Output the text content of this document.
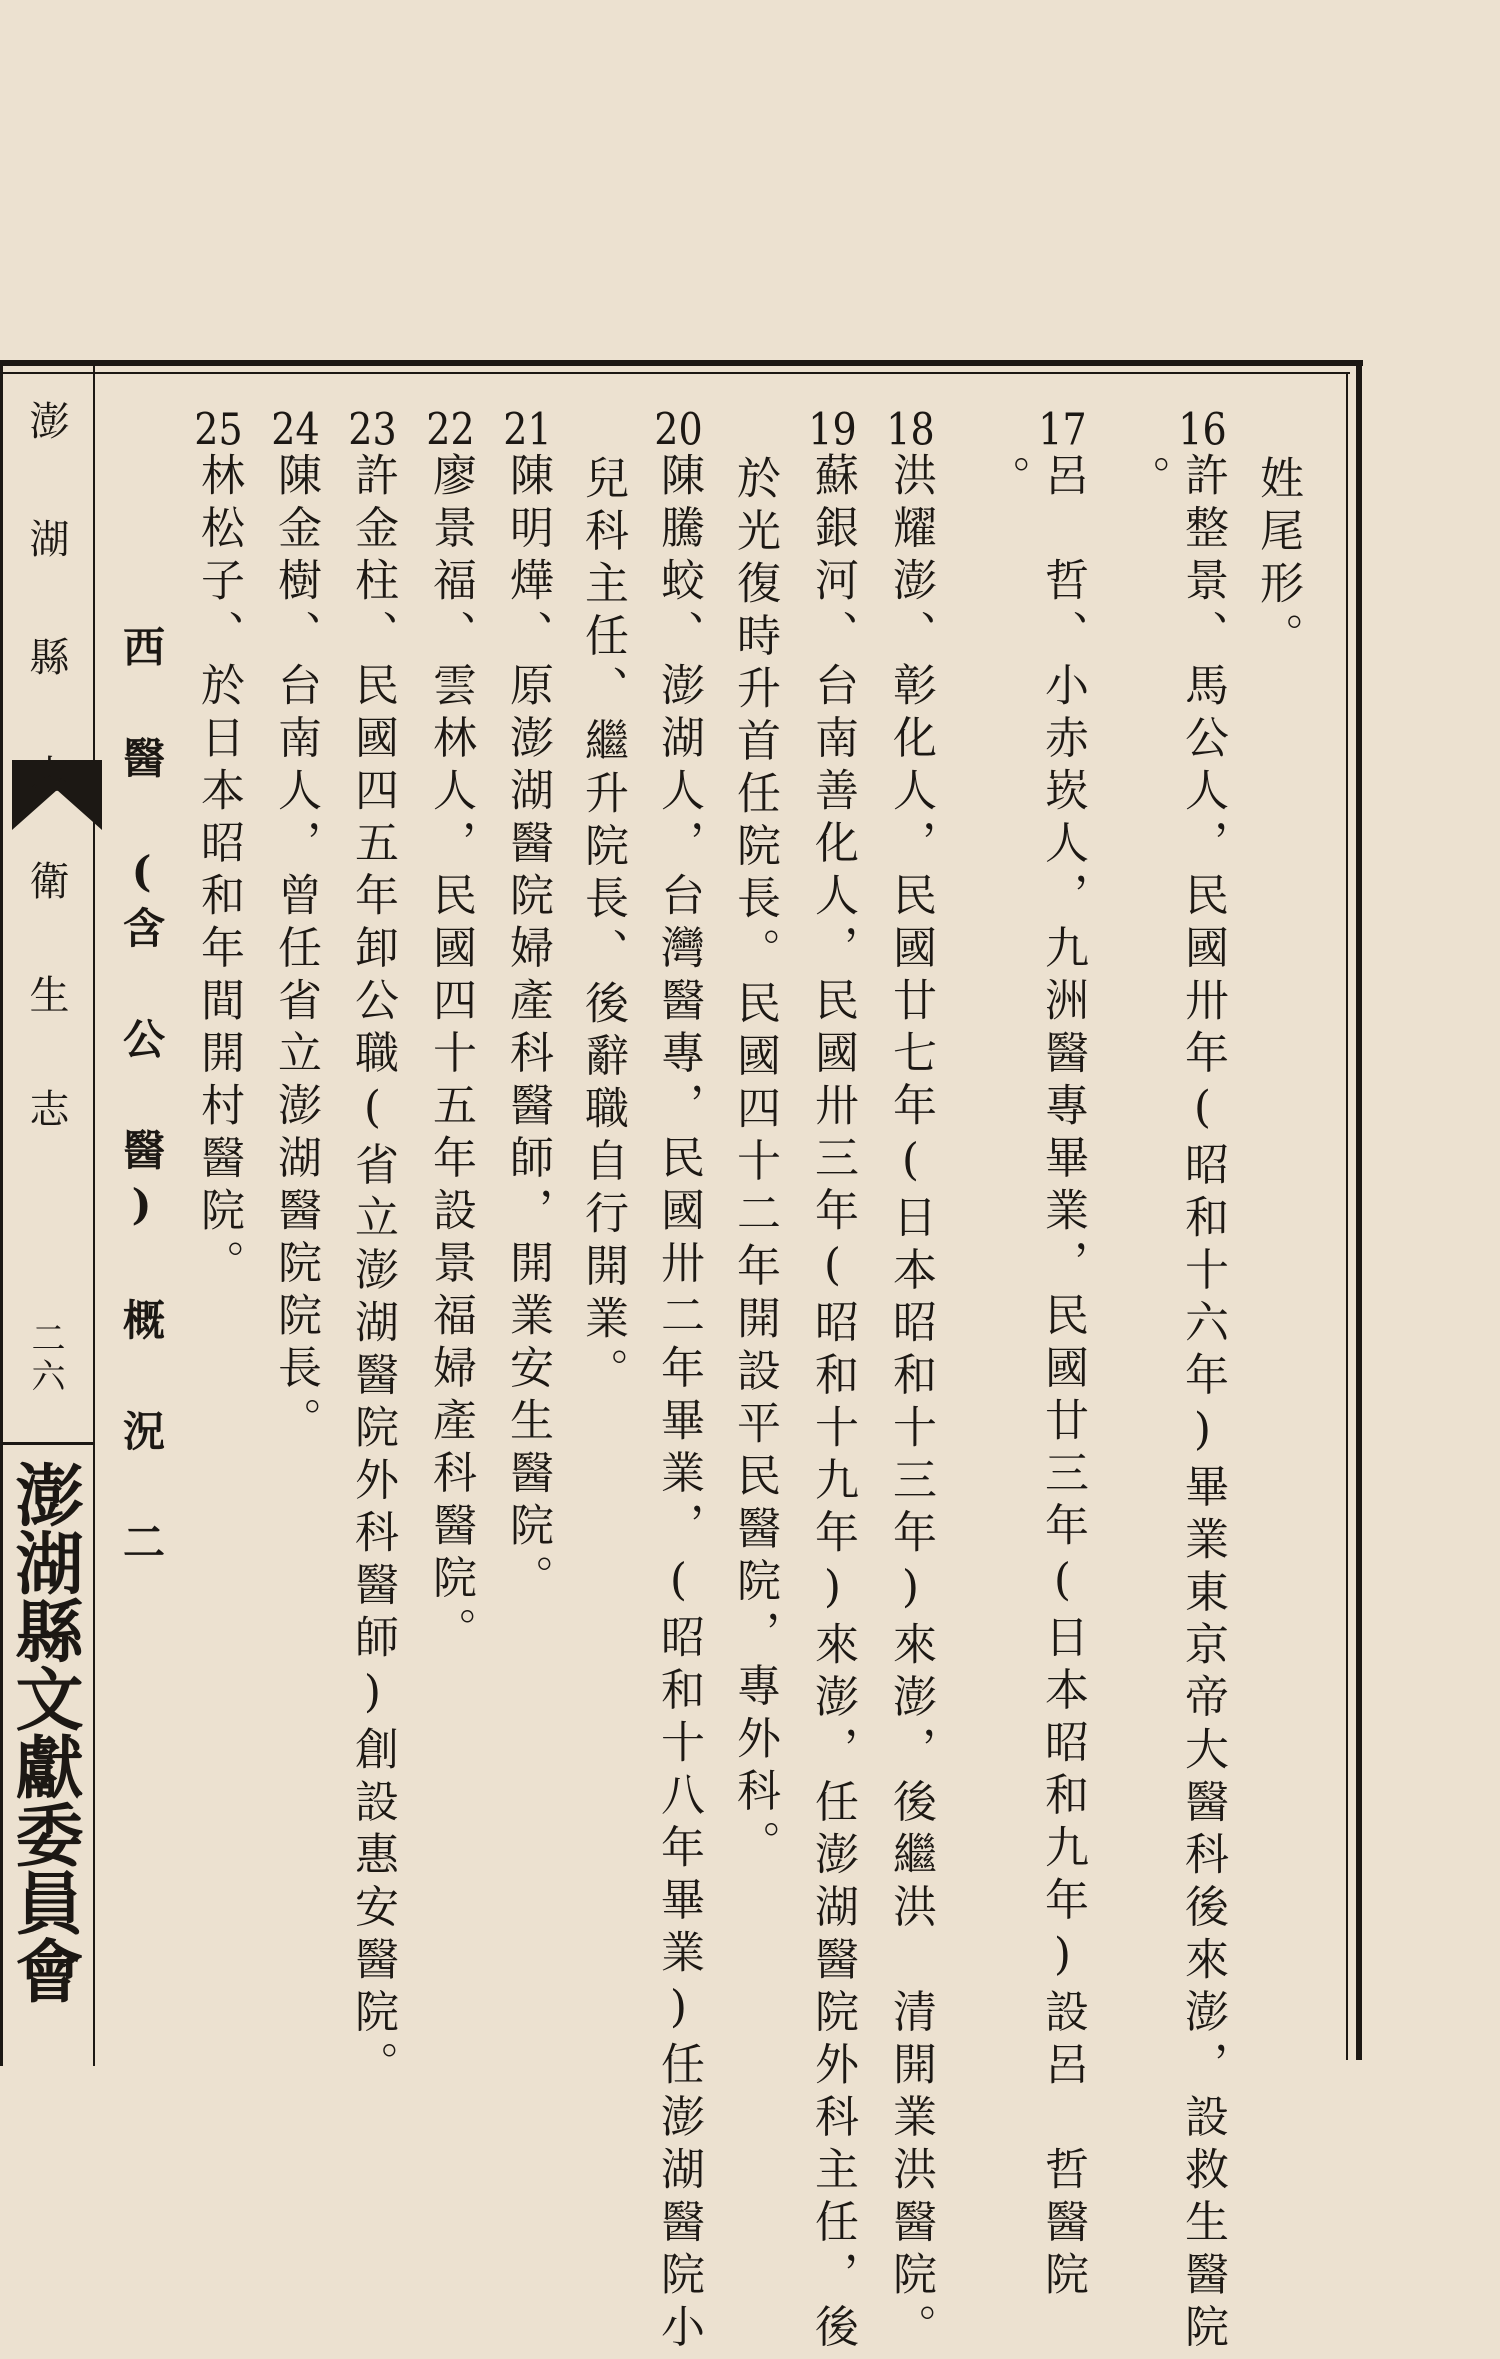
澎 湖 縣 志
衛 生 志
二六
澎湖縣文獻委員會
西 醫 (含 公 醫) 概 況 二
姓尾形。
16許整景、馬公人，民國卅年(昭和十六年)畢業東京帝大醫科後來澎，設救生醫院
。
17呂　哲、小赤崁人，九洲醫專畢業，民國廿三年(日本昭和九年)設呂　哲醫院
。
18洪耀澎、彰化人，民國廿七年(日本昭和十三年)來澎，後繼洪　清開業洪醫院。
19蘇銀河、台南善化人，民國卅三年(昭和十九年)來澎，任澎湖醫院外科主任，後
於光復時升首任院長。民國四十二年開設平民醫院，專外科。
20陳騰蛟、澎湖人，台灣醫專，民國卅二年畢業，(昭和十八年畢業)任澎湖醫院小
兒科主任、繼升院長、後辭職自行開業。
21陳明燁、原澎湖醫院婦產科醫師，開業安生醫院。
22廖景福、雲林人，民國四十五年設景福婦產科醫院。
23許金柱、民國四五年卸公職(省立澎湖醫院外科醫師)創設惠安醫院。
24陳金樹、台南人，曾任省立澎湖醫院院長。
25林松子、於日本昭和年間開村醫院。
